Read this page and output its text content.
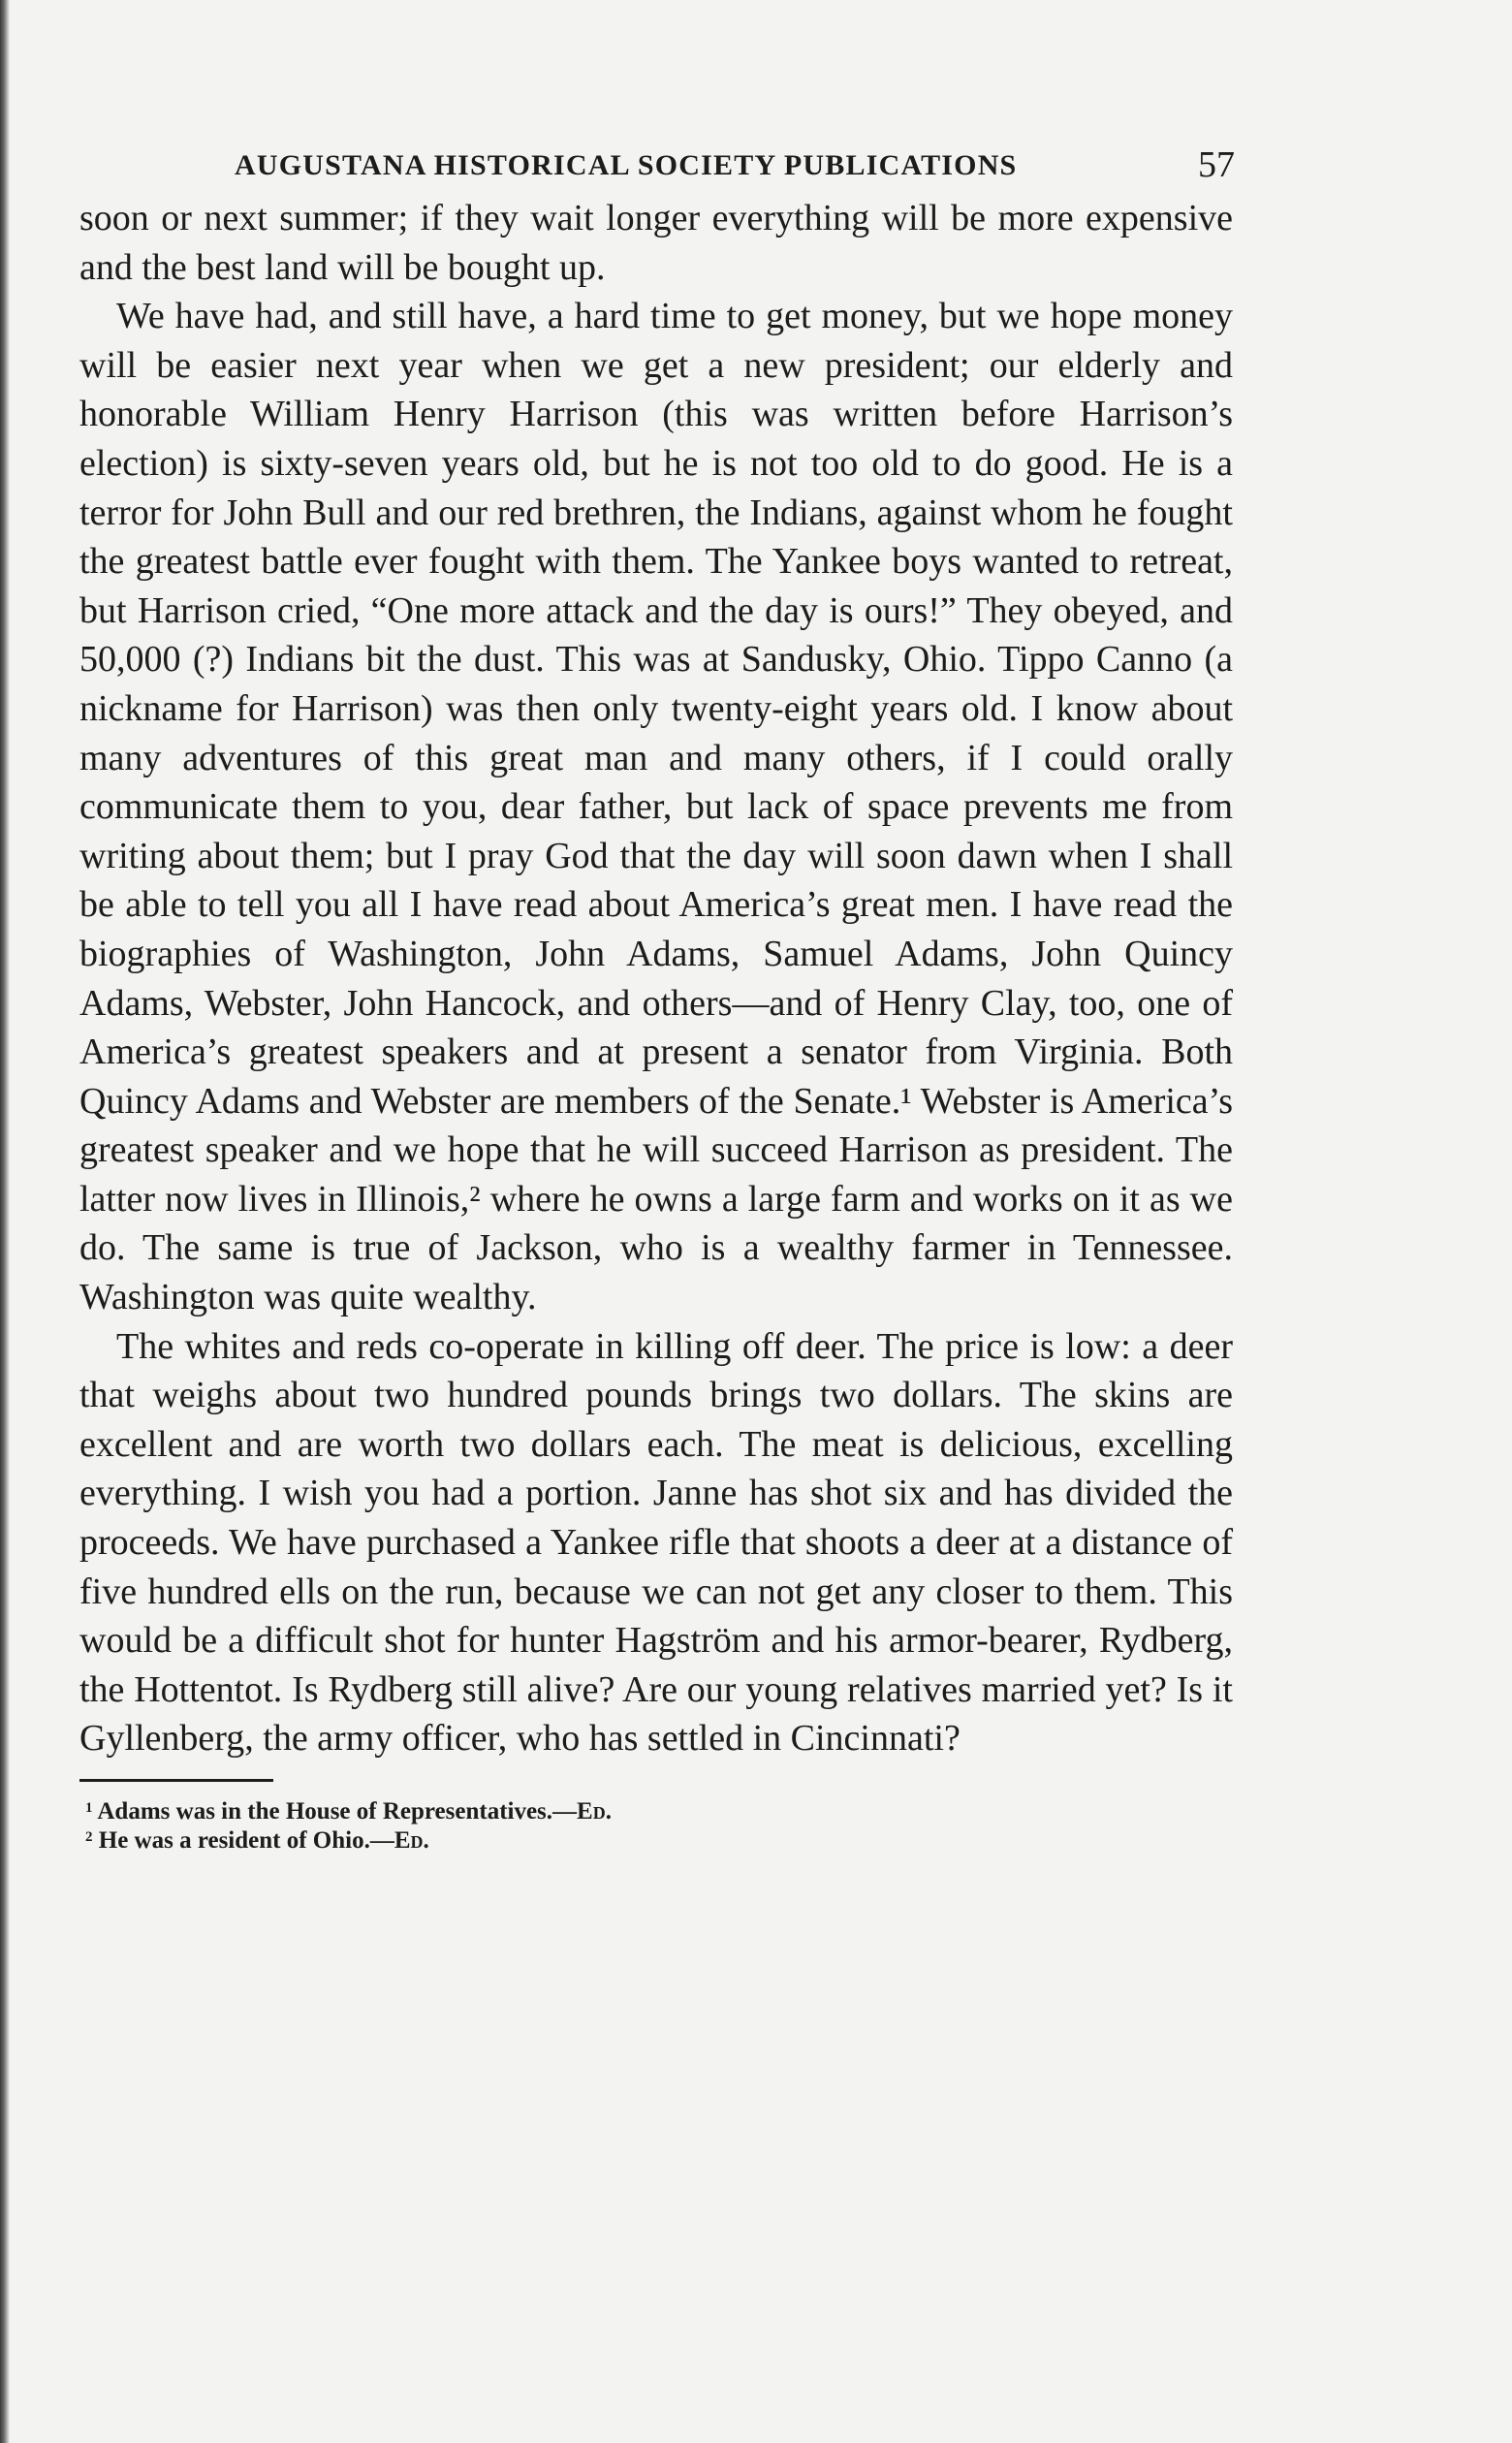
AUGUSTANA HISTORICAL SOCIETY PUBLICATIONS	57

soon or next summer; if they wait longer everything will be more expensive and the best land will be bought up.

We have had, and still have, a hard time to get money, but we hope money will be easier next year when we get a new president; our elderly and honorable William Henry Harrison (this was written before Harrison’s election) is sixty-seven years old, but he is not too old to do good. He is a terror for John Bull and our red brethren, the Indians, against whom he fought the greatest battle ever fought with them. The Yankee boys wanted to retreat, but Harrison cried, “One more attack and the day is ours!” They obeyed, and 50,000 (?) Indians bit the dust. This was at Sandusky, Ohio. Tippo Canno (a nickname for Harrison) was then only twenty-eight years old. I know about many adventures of this great man and many others, if I could orally communicate them to you, dear father, but lack of space prevents me from writing about them; but I pray God that the day will soon dawn when I shall be able to tell you all I have read about America’s great men. I have read the biographies of Washington, John Adams, Samuel Adams, John Quincy Adams, Webster, John Hancock, and others—and of Henry Clay, too, one of America’s greatest speakers and at present a senator from Virginia. Both Quincy Adams and Webster are members of the Senate.¹ Webster is America’s greatest speaker and we hope that he will succeed Harrison as president. The latter now lives in Illinois,² where he owns a large farm and works on it as we do. The same is true of Jackson, who is a wealthy farmer in Tennessee. Washington was quite wealthy.

The whites and reds co-operate in killing off deer. The price is low: a deer that weighs about two hundred pounds brings two dollars. The skins are excellent and are worth two dollars each. The meat is delicious, excelling everything. I wish you had a portion. Janne has shot six and has divided the proceeds. We have purchased a Yankee rifle that shoots a deer at a distance of five hundred ells on the run, because we can not get any closer to them. This would be a difficult shot for hunter Hagström and his armor-bearer, Rydberg, the Hottentot. Is Rydberg still alive? Are our young relatives married yet? Is it Gyllenberg, the army officer, who has settled in Cincinnati?

$^1$ Adams was in the House of Representatives.—Ed.

$^2$ He was a resident of Ohio.—Ed.
